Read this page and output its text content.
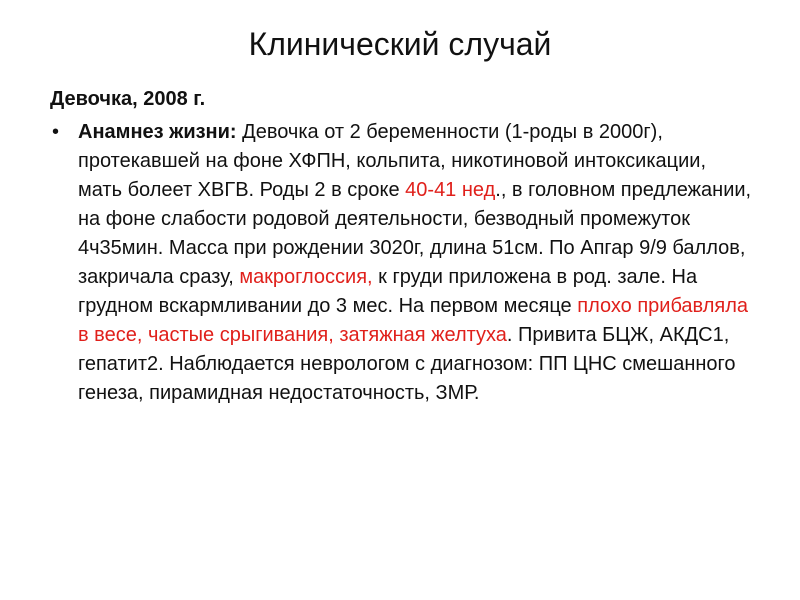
Клинический случай

Девочка, 2008 г.

• Анамнез жизни: Девочка от 2 беременности (1-роды в 2000г), протекавшей на фоне ХФПН, кольпита, никотиновой интоксикации, мать болеет ХВГВ. Роды 2 в сроке 40-41 нед., в головном предлежании, на фоне слабости родовой деятельности, безводный промежуток 4ч35мин. Масса при рождении 3020г, длина 51см. По Апгар 9/9 баллов, закричала сразу, макроглоссия, к груди приложена в род. зале. На грудном вскармливании до 3 мес. На первом месяце плохо прибавляла в весе, частые срыгивания, затяжная желтуха. Привита БЦЖ, АКДС1, гепатит2. Наблюдается неврологом с диагнозом: ПП ЦНС смешанного генеза, пирамидная недостаточность, ЗМР.
